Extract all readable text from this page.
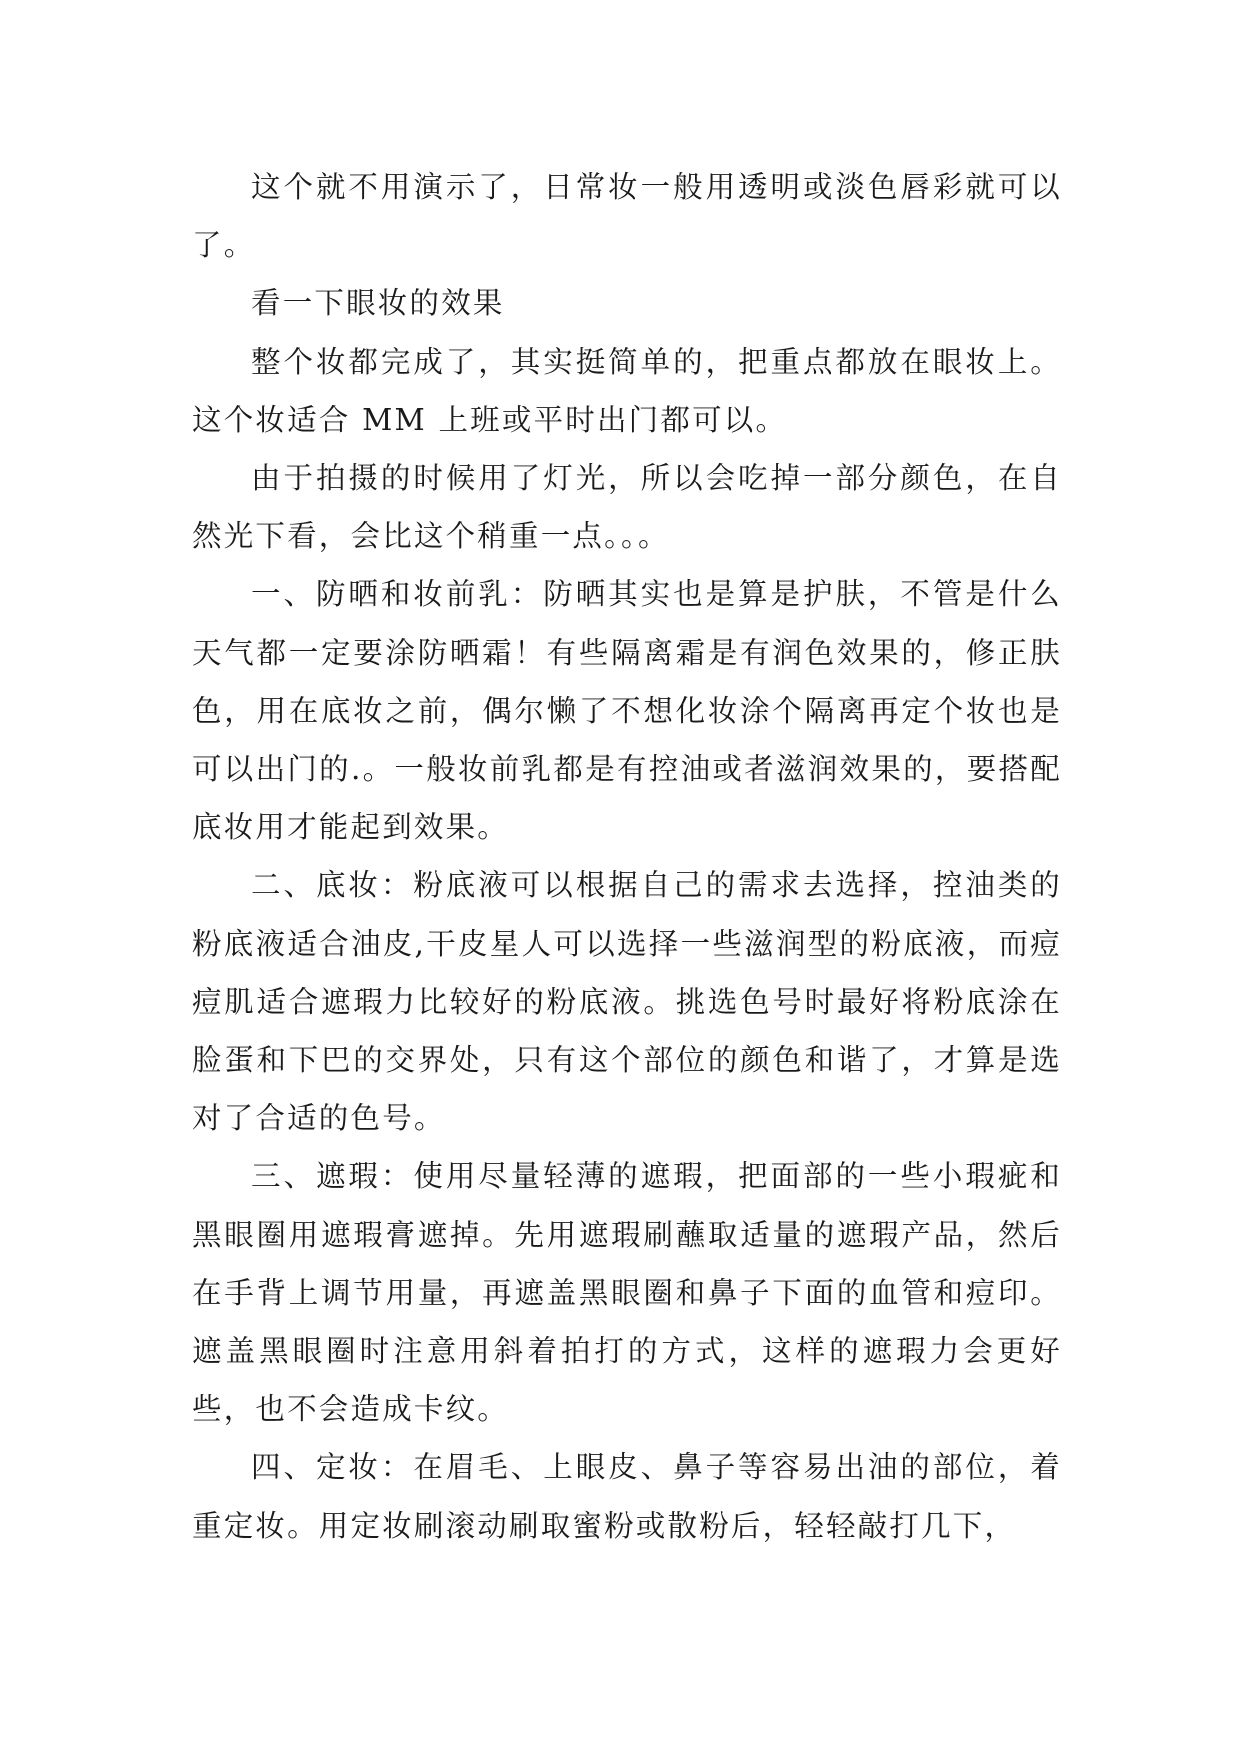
这个就不用演示了，日常妆一般用透明或淡色唇彩就可以了。

看一下眼妆的效果

整个妆都完成了，其实挺简单的，把重点都放在眼妆上。这个妆适合 MM 上班或平时出门都可以。

由于拍摄的时候用了灯光，所以会吃掉一部分颜色，在自然光下看，会比这个稍重一点。。。

一、防晒和妆前乳：防晒其实也是算是护肤，不管是什么天气都一定要涂防晒霜！有些隔离霜是有润色效果的，修正肤色，用在底妆之前，偶尔懒了不想化妆涂个隔离再定个妆也是可以出门的.。一般妆前乳都是有控油或者滋润效果的，要搭配底妆用才能起到效果。

二、底妆：粉底液可以根据自己的需求去选择，控油类的粉底液适合油皮,干皮星人可以选择一些滋润型的粉底液，而痘痘肌适合遮瑕力比较好的粉底液。挑选色号时最好将粉底涂在脸蛋和下巴的交界处，只有这个部位的颜色和谐了，才算是选对了合适的色号。

三、遮瑕：使用尽量轻薄的遮瑕，把面部的一些小瑕疵和黑眼圈用遮瑕膏遮掉。先用遮瑕刷蘸取适量的遮瑕产品，然后在手背上调节用量，再遮盖黑眼圈和鼻子下面的血管和痘印。遮盖黑眼圈时注意用斜着拍打的方式，这样的遮瑕力会更好些，也不会造成卡纹。

四、定妆：在眉毛、上眼皮、鼻子等容易出油的部位，着重定妆。用定妆刷滚动刷取蜜粉或散粉后，轻轻敲打几下，
